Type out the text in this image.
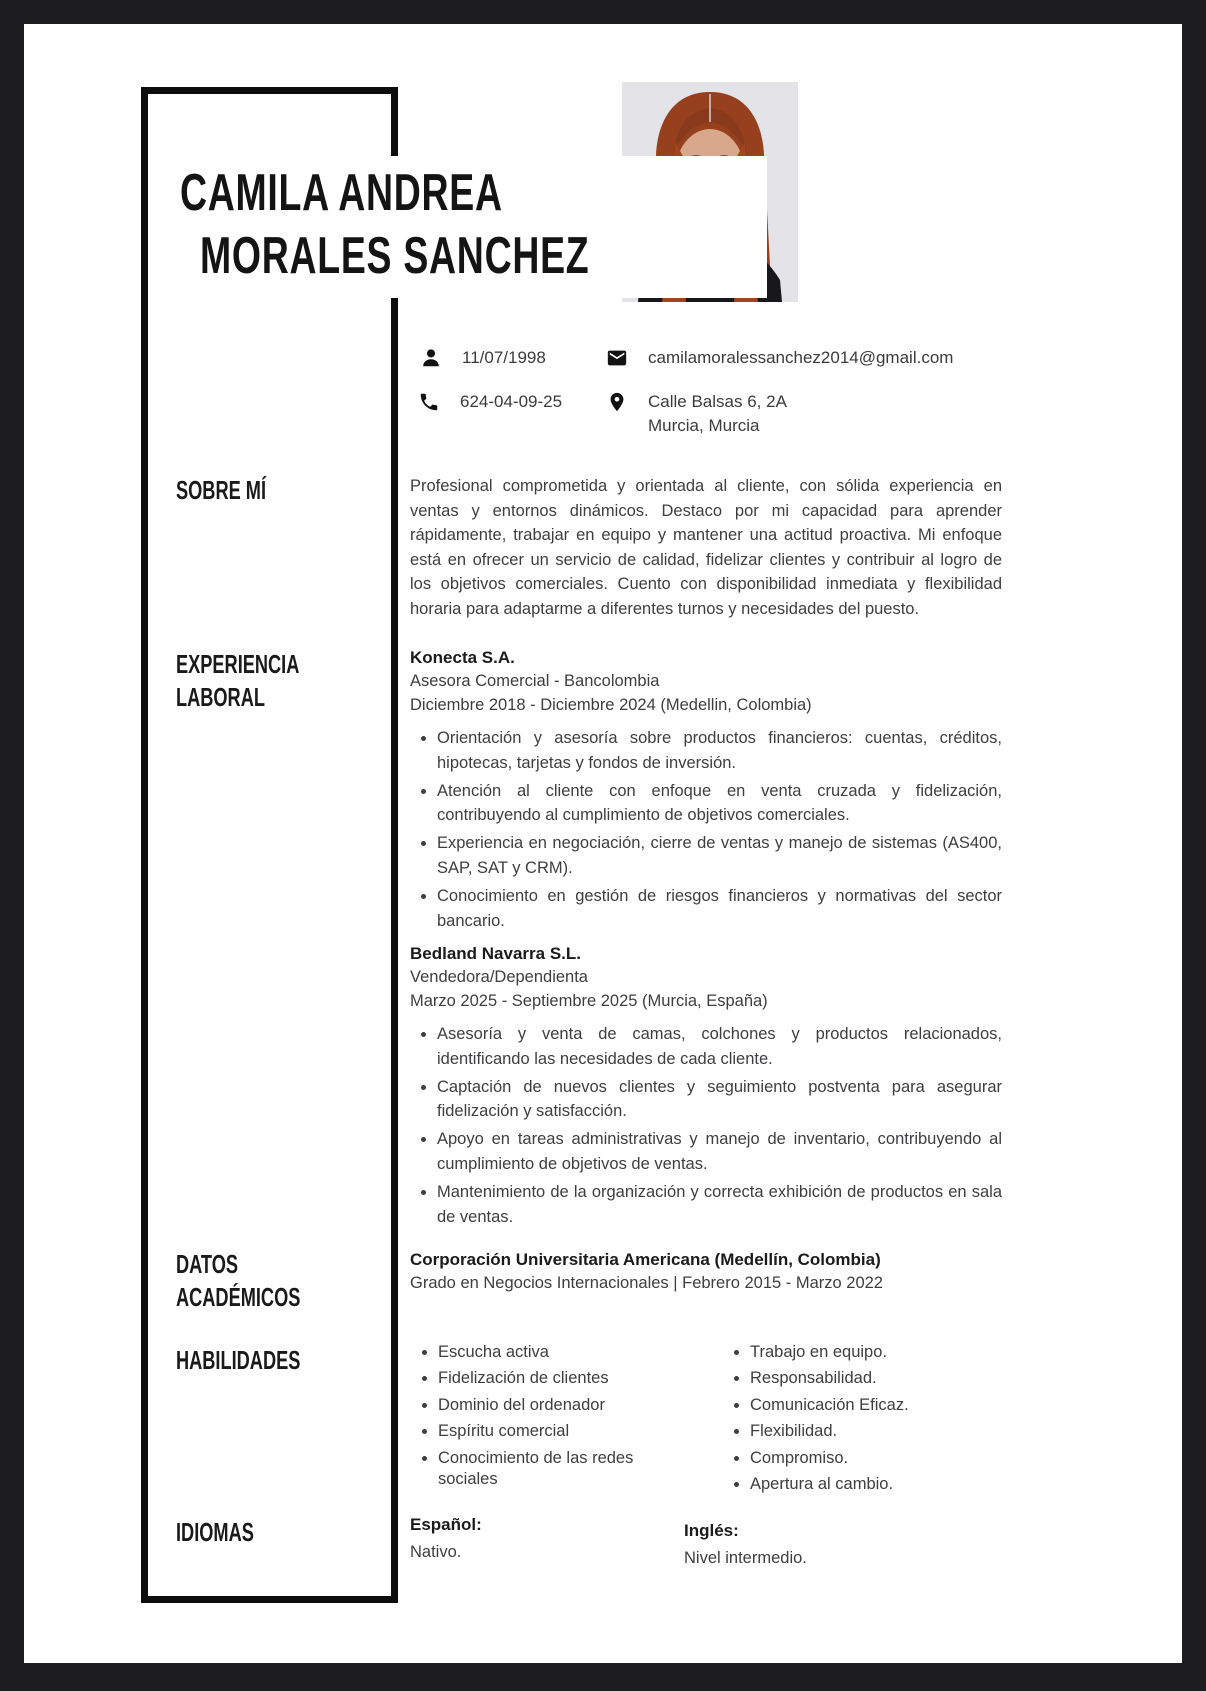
CAMILA ANDREA
MORALES SANCHEZ
11/07/1998	camilamoralessanchez2014@gmail.com
624-04-09-25	Calle Balsas 6, 2A
Murcia, Murcia
SOBRE MÍ	Profesional comprometida y orientada al cliente, con sólida experiencia en ventas y entornos dinámicos. Destaco por mi capacidad para aprender rápidamente, trabajar en equipo y mantener una actitud proactiva. Mi enfoque está en ofrecer un servicio de calidad, fidelizar clientes y contribuir al logro de los objetivos comerciales. Cuento con disponibilidad inmediata y flexibilidad horaria para adaptarme a diferentes turnos y necesidades del puesto.
EXPERIENCIA
LABORAL
Konecta S.A.
Asesora Comercial - Bancolombia
Diciembre 2018 - Diciembre 2024 (Medellin, Colombia)
• Orientación y asesoría sobre productos financieros: cuentas, créditos, hipotecas, tarjetas y fondos de inversión.
• Atención al cliente con enfoque en venta cruzada y fidelización, contribuyendo al cumplimiento de objetivos comerciales.
• Experiencia en negociación, cierre de ventas y manejo de sistemas (AS400, SAP, SAT y CRM).
• Conocimiento en gestión de riesgos financieros y normativas del sector bancario.
Bedland Navarra S.L.
Vendedora/Dependienta
Marzo 2025 - Septiembre 2025 (Murcia, España)
• Asesoría y venta de camas, colchones y productos relacionados, identificando las necesidades de cada cliente.
• Captación de nuevos clientes y seguimiento postventa para asegurar fidelización y satisfacción.
• Apoyo en tareas administrativas y manejo de inventario, contribuyendo al cumplimiento de objetivos de ventas.
• Mantenimiento de la organización y correcta exhibición de productos en sala de ventas.
DATOS
ACADÉMICOS
Corporación Universitaria Americana (Medellín, Colombia)
Grado en Negocios Internacionales | Febrero 2015 - Marzo 2022
HABILIDADES	• Escucha activa
• Fidelización de clientes
• Dominio del ordenador
• Espíritu comercial
• Conocimiento de las redes sociales
• Trabajo en equipo.
• Responsabilidad.
• Comunicación Eficaz.
• Flexibilidad.
• Compromiso.
• Apertura al cambio.
IDIOMAS	Español:
Nativo.
Inglés:
Nivel intermedio.
